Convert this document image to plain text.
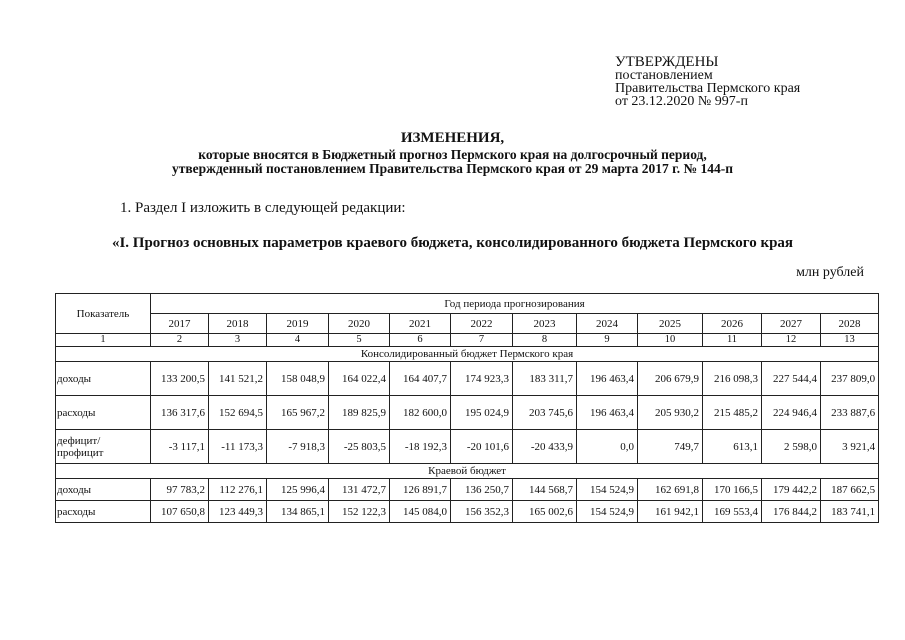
УТВЕРЖДЕНЫ
постановлением
Правительства Пермского края
от 23.12.2020 № 997-п
ИЗМЕНЕНИЯ,
которые вносятся в Бюджетный прогноз Пермского края на долгосрочный период,
утвержденный постановлением Правительства Пермского края от 29 марта 2017 г. № 144-п
1. Раздел I изложить в следующей редакции:
«I. Прогноз основных параметров краевого бюджета, консолидированного бюджета Пермского края
млн рублей
Показатель	Год периода прогнозирования											
	2017	2018	2019	2020	2021	2022	2023	2024	2025	2026	2027	2028
1	2	3	4	5	6	7	8	9	10	11	12	13
Консолидированный бюджет Пермского края												
доходы	133 200,5	141 521,2	158 048,9	164 022,4	164 407,7	174 923,3	183 311,7	196 463,4	206 679,9	216 098,3	227 544,4	237 809,0
расходы	136 317,6	152 694,5	165 967,2	189 825,9	182 600,0	195 024,9	203 745,6	196 463,4	205 930,2	215 485,2	224 946,4	233 887,6
дефицит/ профицит	-3 117,1	-11 173,3	-7 918,3	-25 803,5	-18 192,3	-20 101,6	-20 433,9	0,0	749,7	613,1	2 598,0	3 921,4
Краевой бюджет												
доходы	97 783,2	112 276,1	125 996,4	131 472,7	126 891,7	136 250,7	144 568,7	154 524,9	162 691,8	170 166,5	179 442,2	187 662,5
расходы	107 650,8	123 449,3	134 865,1	152 122,3	145 084,0	156 352,3	165 002,6	154 524,9	161 942,1	169 553,4	176 844,2	183 741,1
